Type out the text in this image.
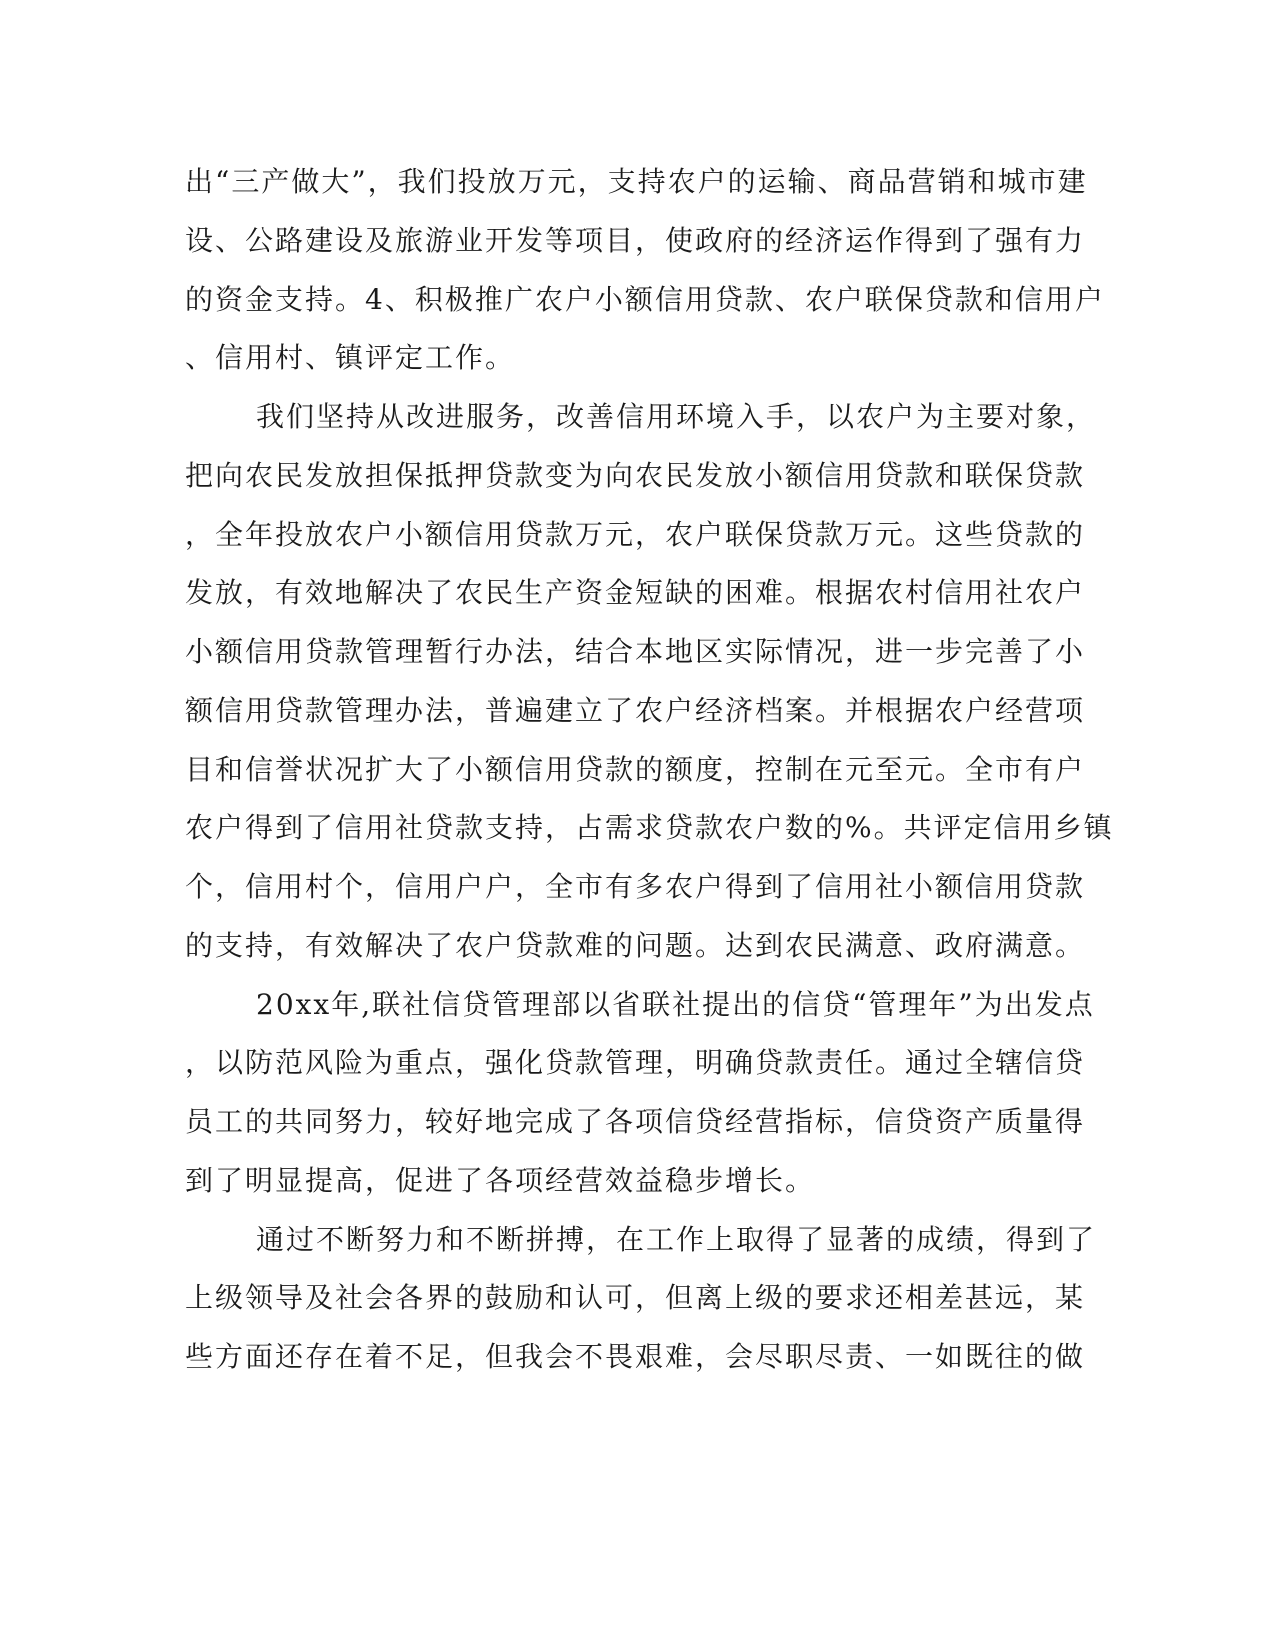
出“三产做大”，我们投放万元，支持农户的运输、商品营销和城市建
设、公路建设及旅游业开发等项目，使政府的经济运作得到了强有力
的资金支持。4、积极推广农户小额信用贷款、农户联保贷款和信用户
、信用村、镇评定工作。
我们坚持从改进服务，改善信用环境入手，以农户为主要对象，
把向农民发放担保抵押贷款变为向农民发放小额信用贷款和联保贷款
，全年投放农户小额信用贷款万元，农户联保贷款万元。这些贷款的
发放，有效地解决了农民生产资金短缺的困难。根据农村信用社农户
小额信用贷款管理暂行办法，结合本地区实际情况，进一步完善了小
额信用贷款管理办法，普遍建立了农户经济档案。并根据农户经营项
目和信誉状况扩大了小额信用贷款的额度，控制在元至元。全市有户
农户得到了信用社贷款支持，占需求贷款农户数的%。共评定信用乡镇
个，信用村个，信用户户，全市有多农户得到了信用社小额信用贷款
的支持，有效解决了农户贷款难的问题。达到农民满意、政府满意。
20xx年,联社信贷管理部以省联社提出的信贷“管理年”为出发点
，以防范风险为重点，强化贷款管理，明确贷款责任。通过全辖信贷
员工的共同努力，较好地完成了各项信贷经营指标，信贷资产质量得
到了明显提高，促进了各项经营效益稳步增长。
通过不断努力和不断拼搏，在工作上取得了显著的成绩，得到了
上级领导及社会各界的鼓励和认可，但离上级的要求还相差甚远，某
些方面还存在着不足，但我会不畏艰难，会尽职尽责、一如既往的做
